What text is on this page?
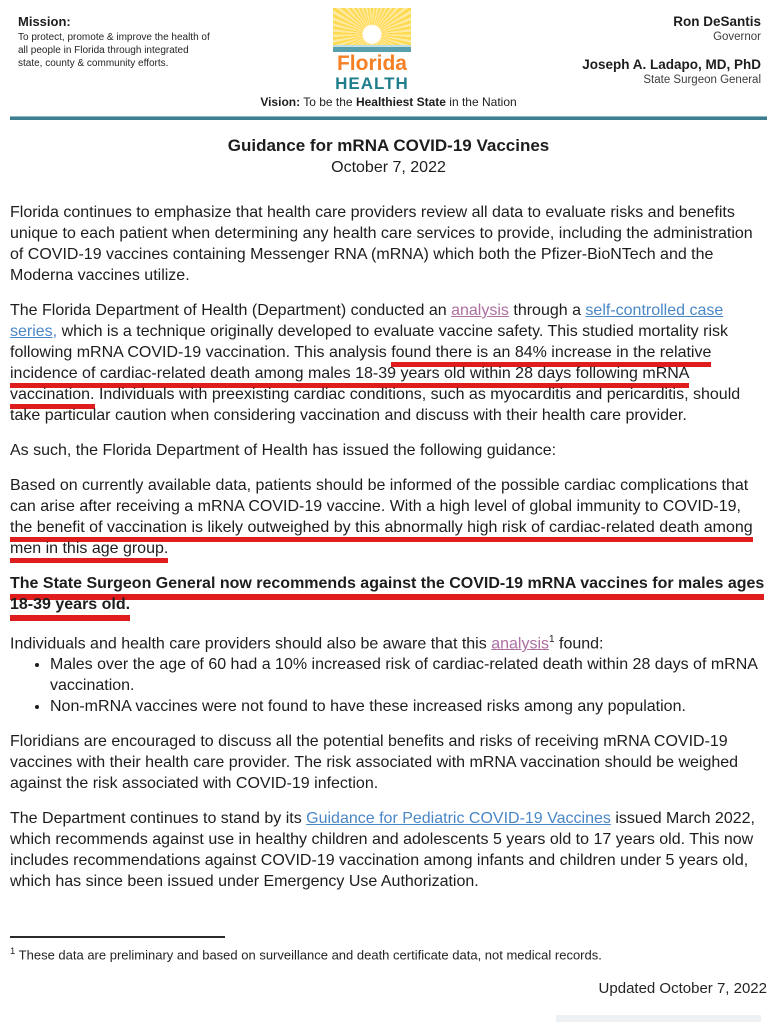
Mission:
To protect, promote & improve the health of all people in Florida through integrated state, county & community efforts.	Florida
HEALTH
Ron DeSantis
Governor
Joseph A. Ladapo, MD, PhD
State Surgeon General
Vision: To be the Healthiest State in the Nation
Guidance for mRNA COVID-19 Vaccines
October 7, 2022

Florida continues to emphasize that health care providers review all data to evaluate risks and benefits unique to each patient when determining any health care services to provide, including the administration of COVID-19 vaccines containing Messenger RNA (mRNA) which both the Pfizer-BioNTech and the Moderna vaccines utilize.

The Florida Department of Health (Department) conducted an analysis through a self-controlled case series, which is a technique originally developed to evaluate vaccine safety. This studied mortality risk following mRNA COVID-19 vaccination. This analysis found there is an 84% increase in the relative incidence of cardiac-related death among males 18-39 years old within 28 days following mRNA vaccination. Individuals with preexisting cardiac conditions, such as myocarditis and pericarditis, should take particular caution when considering vaccination and discuss with their health care provider.

As such, the Florida Department of Health has issued the following guidance:

Based on currently available data, patients should be informed of the possible cardiac complications that can arise after receiving a mRNA COVID-19 vaccine. With a high level of global immunity to COVID-19, the benefit of vaccination is likely outweighed by this abnormally high risk of cardiac-related death among men in this age group.

The State Surgeon General now recommends against the COVID-19 mRNA vaccines for males ages 18-39 years old.

Individuals and health care providers should also be aware that this analysis$^1$ found:

• Males over the age of 60 had a 10% increased risk of cardiac-related death within 28 days of mRNA vaccination.
• Non-mRNA vaccines were not found to have these increased risks among any population.

Floridians are encouraged to discuss all the potential benefits and risks of receiving mRNA COVID-19 vaccines with their health care provider. The risk associated with mRNA vaccination should be weighed against the risk associated with COVID-19 infection.

The Department continues to stand by its Guidance for Pediatric COVID-19 Vaccines issued March 2022, which recommends against use in healthy children and adolescents 5 years old to 17 years old. This now includes recommendations against COVID-19 vaccination among infants and children under 5 years old, which has since been issued under Emergency Use Authorization.

$^1$ These data are preliminary and based on surveillance and death certificate data, not medical records.
Updated October 7, 2022
